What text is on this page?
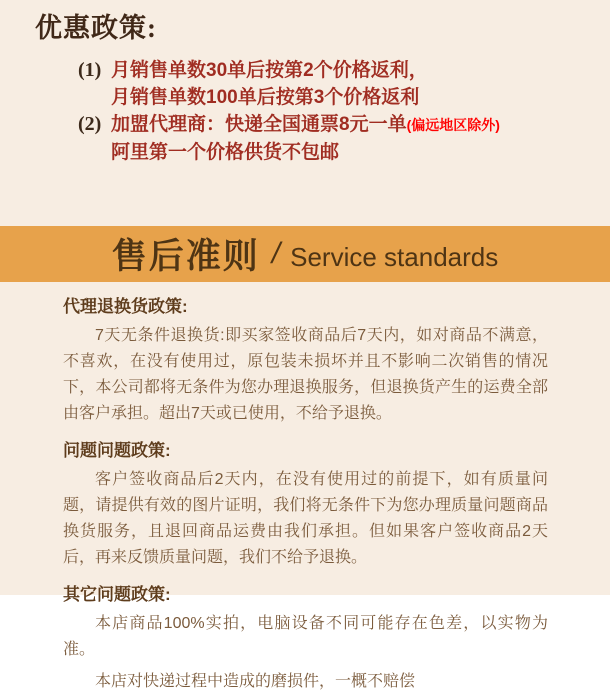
优惠政策:
(1) 月销售单数30单后按第2个价格返利，
月销售单数100单后按第3个价格返利
(2) 加盟代理商：快递全国通票8元一单(偏远地区除外)
阿里第一个价格供货不包邮
售后准则 / Service standards
代理退换货政策:

7天无条件退换货:即买家签收商品后7天内，如对商品不满意，不喜欢，在没有使用过，原包装未损坏并且不影响二次销售的情况下，本公司都将无条件为您办理退换服务，但退换货产生的运费全部由客户承担。超出7天或已使用，不给予退换。

问题问题政策:

客户签收商品后2天内，在没有使用过的前提下，如有质量问题，请提供有效的图片证明，我们将无条件下为您办理质量问题商品换货服务，且退回商品运费由我们承担。但如果客户签收商品2天后，再来反馈质量问题，我们不给予退换。

其它问题政策:

本店商品100%实拍，电脑设备不同可能存在色差，以实物为准。

本店对快递过程中造成的磨损件，一概不赔偿
